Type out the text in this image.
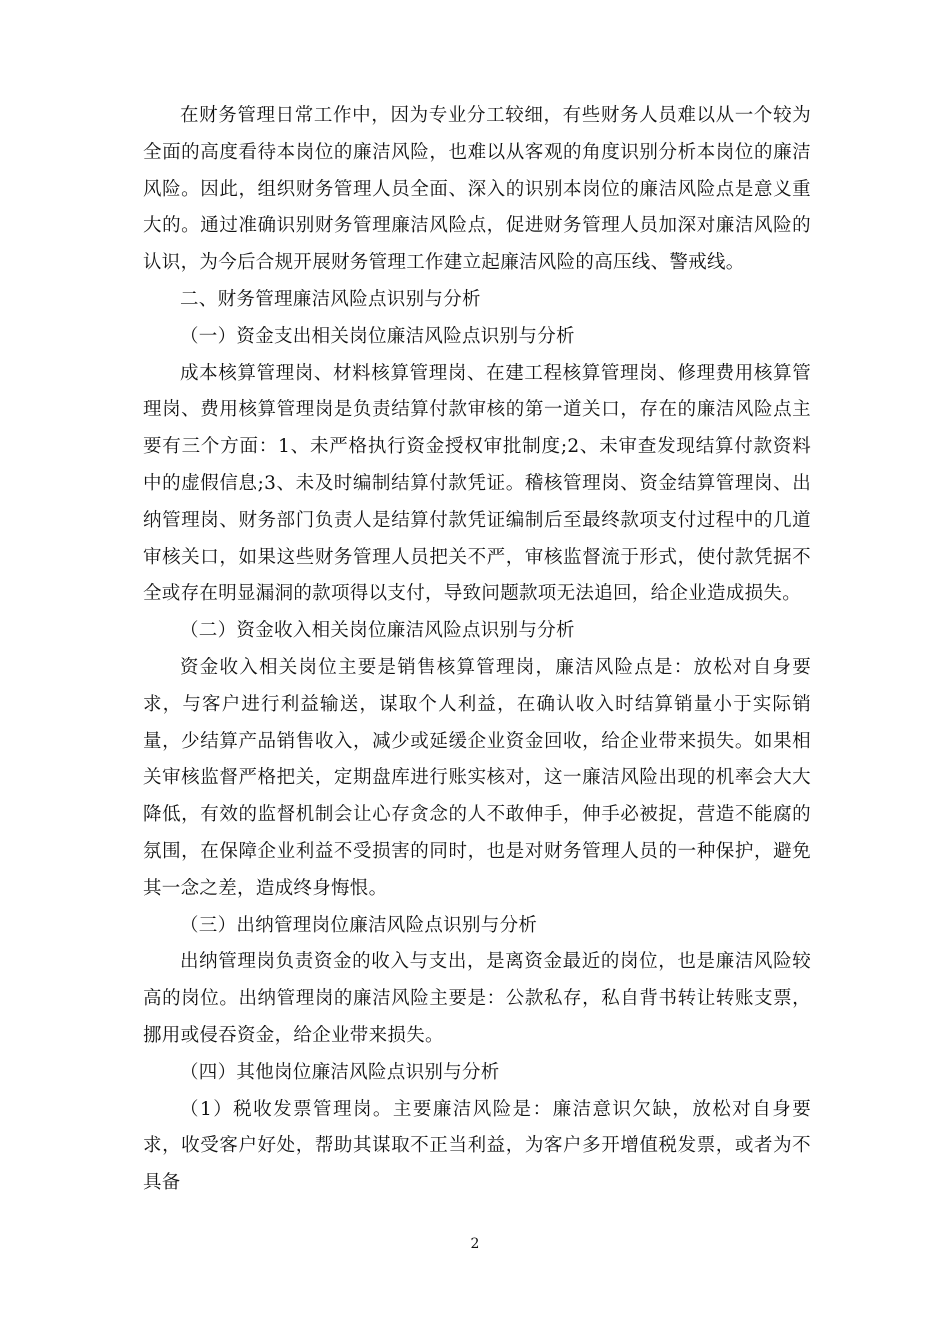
在财务管理日常工作中，因为专业分工较细，有些财务人员难以从一个较为全面的高度看待本岗位的廉洁风险，也难以从客观的角度识别分析本岗位的廉洁风险。因此，组织财务管理人员全面、深入的识别本岗位的廉洁风险点是意义重大的。通过准确识别财务管理廉洁风险点，促进财务管理人员加深对廉洁风险的认识，为今后合规开展财务管理工作建立起廉洁风险的高压线、警戒线。

二、财务管理廉洁风险点识别与分析

（一）资金支出相关岗位廉洁风险点识别与分析

成本核算管理岗、材料核算管理岗、在建工程核算管理岗、修理费用核算管理岗、费用核算管理岗是负责结算付款审核的第一道关口，存在的廉洁风险点主要有三个方面：1、未严格执行资金授权审批制度;2、未审查发现结算付款资料中的虚假信息;3、未及时编制结算付款凭证。稽核管理岗、资金结算管理岗、出纳管理岗、财务部门负责人是结算付款凭证编制后至最终款项支付过程中的几道审核关口，如果这些财务管理人员把关不严，审核监督流于形式，使付款凭据不全或存在明显漏洞的款项得以支付，导致问题款项无法追回，给企业造成损失。

（二）资金收入相关岗位廉洁风险点识别与分析

资金收入相关岗位主要是销售核算管理岗，廉洁风险点是：放松对自身要求，与客户进行利益输送，谋取个人利益，在确认收入时结算销量小于实际销量，少结算产品销售收入，减少或延缓企业资金回收，给企业带来损失。如果相关审核监督严格把关，定期盘库进行账实核对，这一廉洁风险出现的机率会大大降低，有效的监督机制会让心存贪念的人不敢伸手，伸手必被捉，营造不能腐的氛围，在保障企业利益不受损害的同时，也是对财务管理人员的一种保护，避免其一念之差，造成终身悔恨。

（三）出纳管理岗位廉洁风险点识别与分析

出纳管理岗负责资金的收入与支出，是离资金最近的岗位，也是廉洁风险较高的岗位。出纳管理岗的廉洁风险主要是：公款私存，私自背书转让转账支票，挪用或侵吞资金，给企业带来损失。

（四）其他岗位廉洁风险点识别与分析

（1）税收发票管理岗。主要廉洁风险是：廉洁意识欠缺，放松对自身要求，收受客户好处，帮助其谋取不正当利益，为客户多开增值税发票，或者为不具备

2
